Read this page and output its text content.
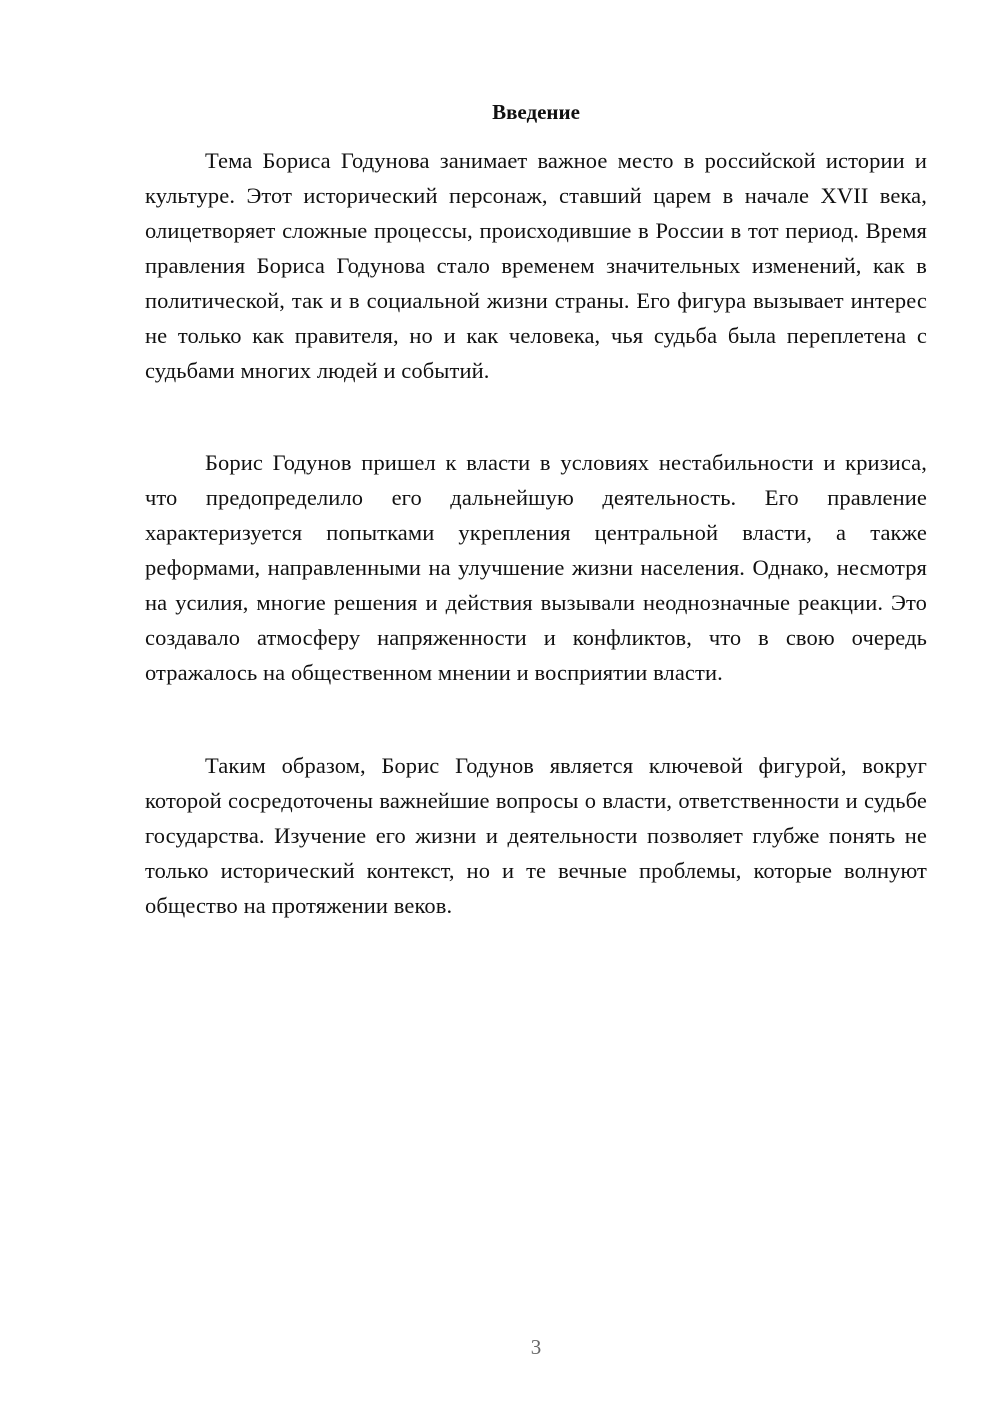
Введение

Тема Бориса Годунова занимает важное место в российской истории и культуре. Этот исторический персонаж, ставший царем в начале XVII века, олицетворяет сложные процессы, происходившие в России в тот период. Время правления Бориса Годунова стало временем значительных изменений, как в политической, так и в социальной жизни страны. Его фигура вызывает интерес не только как правителя, но и как человека, чья судьба была переплетена с судьбами многих людей и событий.

Борис Годунов пришел к власти в условиях нестабильности и кризиса, что предопределило его дальнейшую деятельность. Его правление характеризуется попытками укрепления центральной власти, а также реформами, направленными на улучшение жизни населения. Однако, несмотря на усилия, многие решения и действия вызывали неоднозначные реакции. Это создавало атмосферу напряженности и конфликтов, что в свою очередь отражалось на общественном мнении и восприятии власти.

Таким образом, Борис Годунов является ключевой фигурой, вокруг которой сосредоточены важнейшие вопросы о власти, ответственности и судьбе государства. Изучение его жизни и деятельности позволяет глубже понять не только исторический контекст, но и те вечные проблемы, которые волнуют общество на протяжении веков.

3
